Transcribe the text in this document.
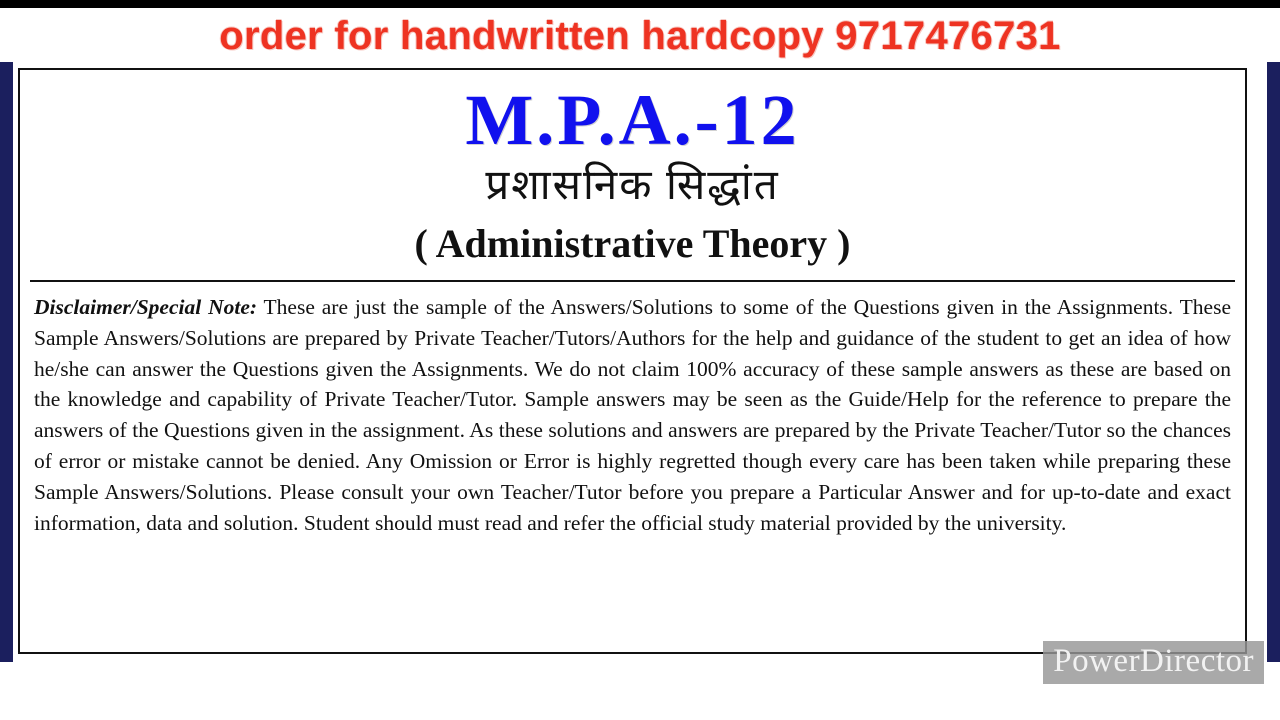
order for handwritten hardcopy 9717476731
M.P.A.-12
प्रशासनिक सिद्धांत
( Administrative Theory )
Disclaimer/Special Note: These are just the sample of the Answers/Solutions to some of the Questions given in the Assignments. These Sample Answers/Solutions are prepared by Private Teacher/Tutors/Authors for the help and guidance of the student to get an idea of how he/she can answer the Questions given the Assignments. We do not claim 100% accuracy of these sample answers as these are based on the knowledge and capability of Private Teacher/Tutor. Sample answers may be seen as the Guide/Help for the reference to prepare the answers of the Questions given in the assignment. As these solutions and answers are prepared by the Private Teacher/Tutor so the chances of error or mistake cannot be denied. Any Omission or Error is highly regretted though every care has been taken while preparing these Sample Answers/Solutions. Please consult your own Teacher/Tutor before you prepare a Particular Answer and for up-to-date and exact information, data and solution. Student should must read and refer the official study material provided by the university.
PowerDirector
